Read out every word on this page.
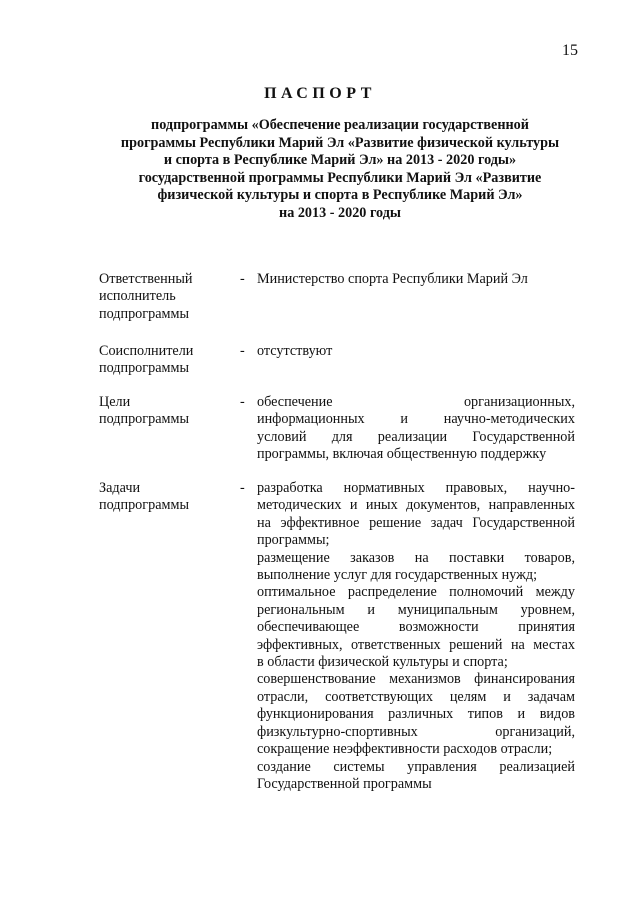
15
ПАСПОРТ
подпрограммы «Обеспечение реализации государственной
программы Республики Марий Эл «Развитие физической культуры
и спорта в Республике Марий Эл» на 2013 - 2020 годы»
государственной программы Республики Марий Эл «Развитие
физической культуры и спорта в Республике Марий Эл»
на 2013 - 2020 годы
Ответственный
исполнитель
подпрограммы
- Министерство спорта Республики Марий Эл
Соисполнители
подпрограммы
- отсутствуют
Цели
подпрограммы
- обеспечение организационных,
информационных и научно-методических
условий для реализации Государственной
программы, включая общественную поддержку
Задачи
подпрограммы
- разработка нормативных правовых, научно-
методических и иных документов, направленных
на эффективное решение задач Государственной
программы;
размещение заказов на поставки товаров,
выполнение услуг для государственных нужд;
оптимальное распределение полномочий между
региональным и муниципальным уровнем,
обеспечивающее возможности принятия
эффективных, ответственных решений на местах
в области физической культуры и спорта;
совершенствование механизмов финансирования
отрасли, соответствующих целям и задачам
функционирования различных типов и видов
физкультурно-спортивных организаций,
сокращение неэффективности расходов отрасли;
создание системы управления реализацией
Государственной программы
